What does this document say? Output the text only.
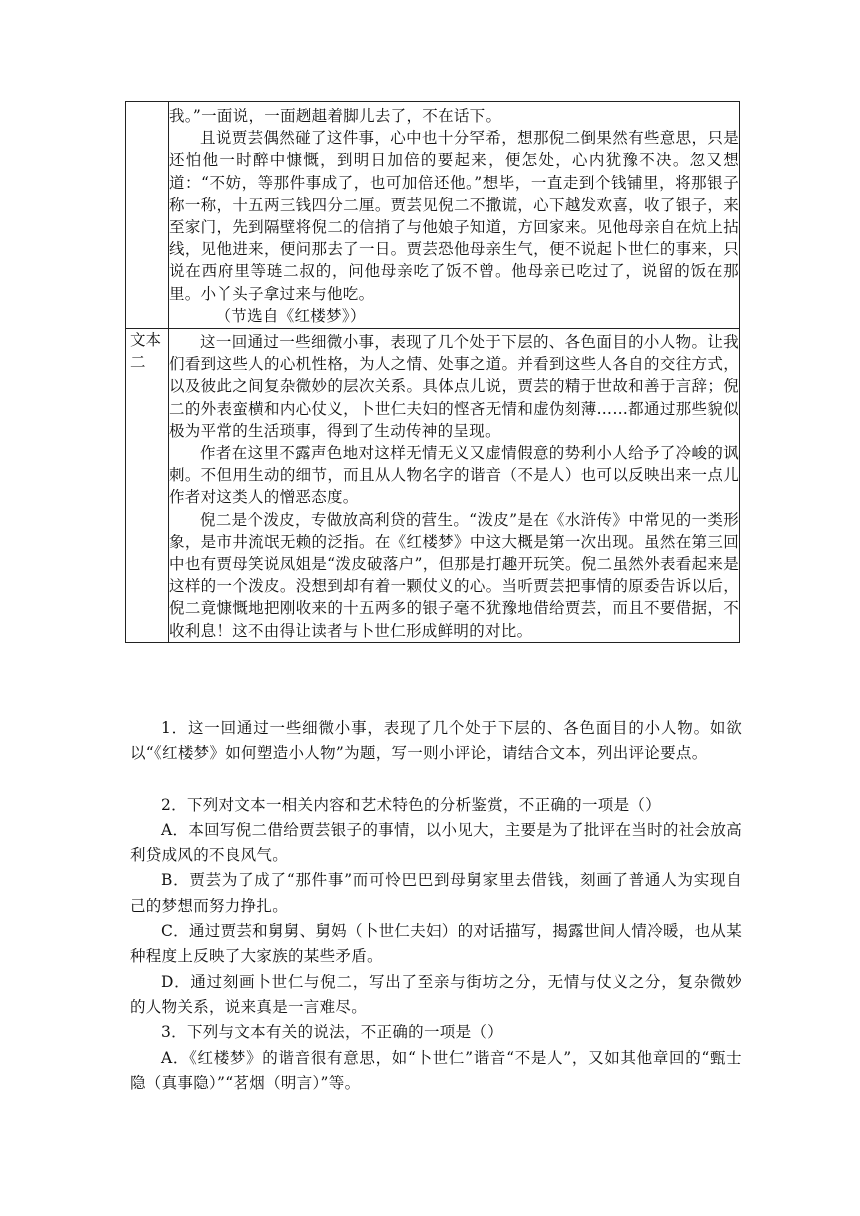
	我。”一面说，一面趔趄着脚儿去了，不在话下。

且说贾芸偶然碰了这件事，心中也十分罕希，想那倪二倒果然有些意思，只是还怕他一时醉中慷慨，到明日加倍的要起来，便怎处，心内犹豫不决。忽又想道：“不妨，等那件事成了，也可加倍还他。”想毕，一直走到个钱铺里，将那银子称一称，十五两三钱四分二厘。贾芸见倪二不撒谎，心下越发欢喜，收了银子，来至家门，先到隔壁将倪二的信捎了与他娘子知道，方回家来。见他母亲自在炕上拈线，见他进来，便问那去了一日。贾芸恐他母亲生气，便不说起卜世仁的事来，只说在西府里等琏二叔的，问他母亲吃了饭不曾。他母亲已吃过了，说留的饭在那里。小丫头子拿过来与他吃。

（节选自《红楼梦》）

文本二	这一回通过一些细微小事，表现了几个处于下层的、各色面目的小人物。让我们看到这些人的心机性格，为人之情、处事之道。并看到这些人各自的交往方式，以及彼此之间复杂微妙的层次关系。具体点儿说，贾芸的精于世故和善于言辞；倪二的外表蛮横和内心仗义，卜世仁夫妇的悭吝无情和虚伪刻薄……都通过那些貌似极为平常的生活琐事，得到了生动传神的呈现。

作者在这里不露声色地对这样无情无义又虚情假意的势利小人给予了冷峻的讽刺。不但用生动的细节，而且从人物名字的谐音（不是人）也可以反映出来一点儿作者对这类人的憎恶态度。

倪二是个泼皮，专做放高利贷的营生。“泼皮”是在《水浒传》中常见的一类形象，是市井流氓无赖的泛指。在《红楼梦》中这大概是第一次出现。虽然在第三回中也有贾母笑说凤姐是“泼皮破落户”，但那是打趣开玩笑。倪二虽然外表看起来是这样的一个泼皮。没想到却有着一颗仗义的心。当听贾芸把事情的原委告诉以后，倪二竟慷慨地把刚收来的十五两多的银子毫不犹豫地借给贾芸，而且不要借据，不收利息！这不由得让读者与卜世仁形成鲜明的对比。

1．这一回通过一些细微小事，表现了几个处于下层的、各色面目的小人物。如欲以“《红楼梦》如何塑造小人物”为题，写一则小评论，请结合文本，列出评论要点。

2．下列对文本一相关内容和艺术特色的分析鉴赏，不正确的一项是（）

A．本回写倪二借给贾芸银子的事情，以小见大，主要是为了批评在当时的社会放高利贷成风的不良风气。

B．贾芸为了成了“那件事”而可怜巴巴到母舅家里去借钱，刻画了普通人为实现自己的梦想而努力挣扎。

C．通过贾芸和舅舅、舅妈（卜世仁夫妇）的对话描写，揭露世间人情冷暖，也从某种程度上反映了大家族的某些矛盾。

D．通过刻画卜世仁与倪二，写出了至亲与街坊之分，无情与仗义之分，复杂微妙的人物关系，说来真是一言难尽。

3．下列与文本有关的说法，不正确的一项是（）

A．《红楼梦》的谐音很有意思，如“卜世仁”谐音“不是人”，又如其他章回的“甄士隐（真事隐）”“茗烟（明言）”等。
